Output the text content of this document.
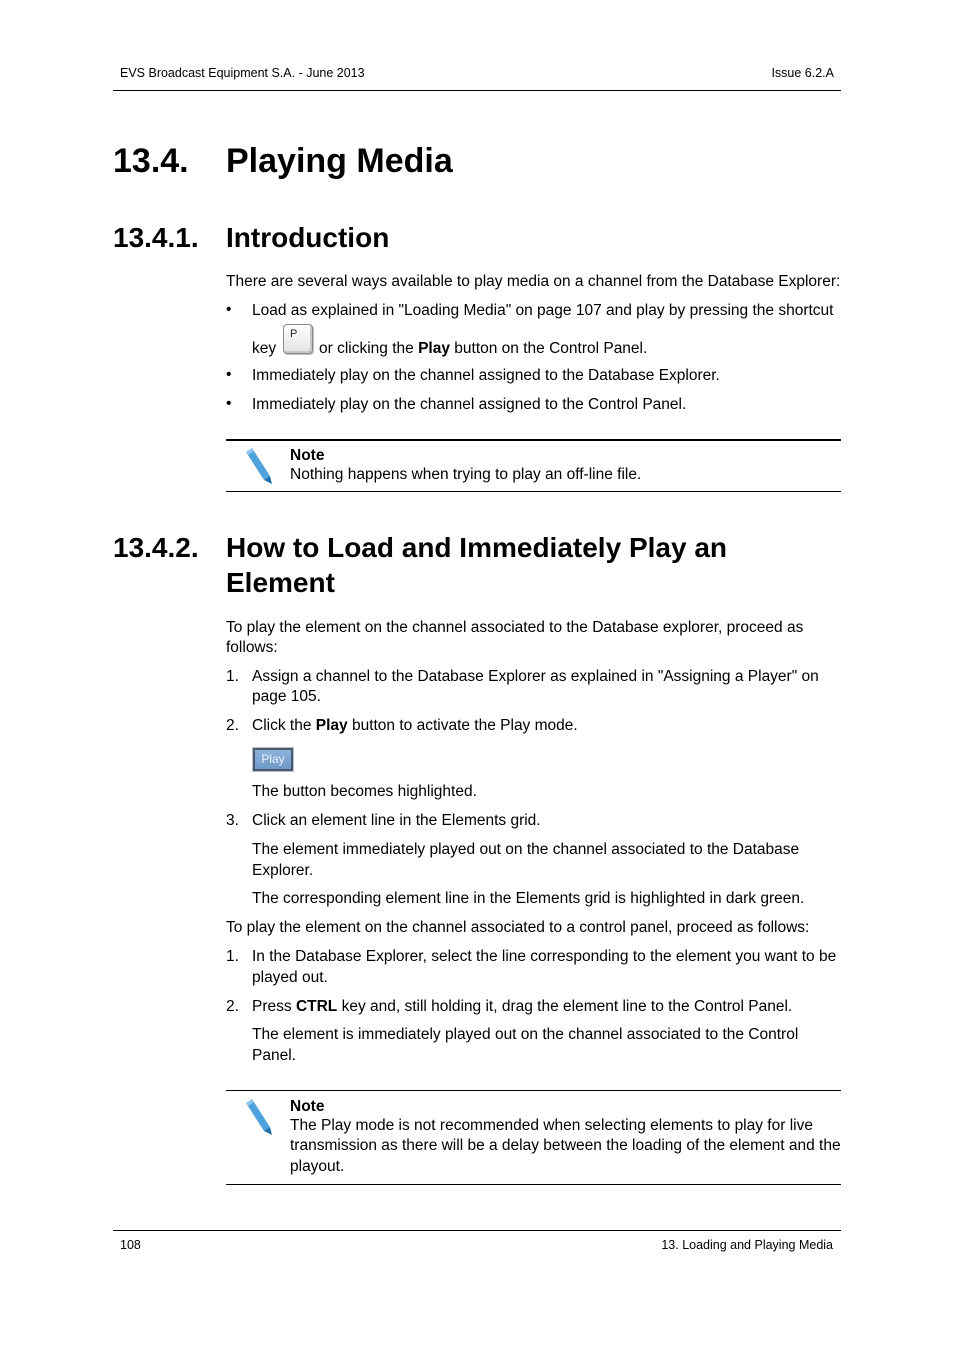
EVS Broadcast Equipment S.A. - June 2013	Issue 6.2.A
13.4. Playing Media
13.4.1. Introduction
There are several ways available to play media on a channel from the Database Explorer:
• Load as explained in "Loading Media" on page 107 and play by pressing the shortcut
key
P
or clicking the Play button on the Control Panel.
• Immediately play on the channel assigned to the Database Explorer.
• Immediately play on the channel assigned to the Control Panel.
Note
Nothing happens when trying to play an off-line file.
13.4.2. How to Load and Immediately Play an
Element
To play the element on the channel associated to the Database explorer, proceed as
follows:
1. Assign a channel to the Database Explorer as explained in "Assigning a Player" on
page 105.
2. Click the Play button to activate the Play mode.
Play
The button becomes highlighted.
3. Click an element line in the Elements grid.
The element immediately played out on the channel associated to the Database
Explorer.
The corresponding element line in the Elements grid is highlighted in dark green.
To play the element on the channel associated to a control panel, proceed as follows:
1. In the Database Explorer, select the line corresponding to the element you want to be
played out.
2. Press CTRL key and, still holding it, drag the element line to the Control Panel.
The element is immediately played out on the channel associated to the Control
Panel.
Note
The Play mode is not recommended when selecting elements to play for live
transmission as there will be a delay between the loading of the element and the
playout.
108	13. Loading and Playing Media
